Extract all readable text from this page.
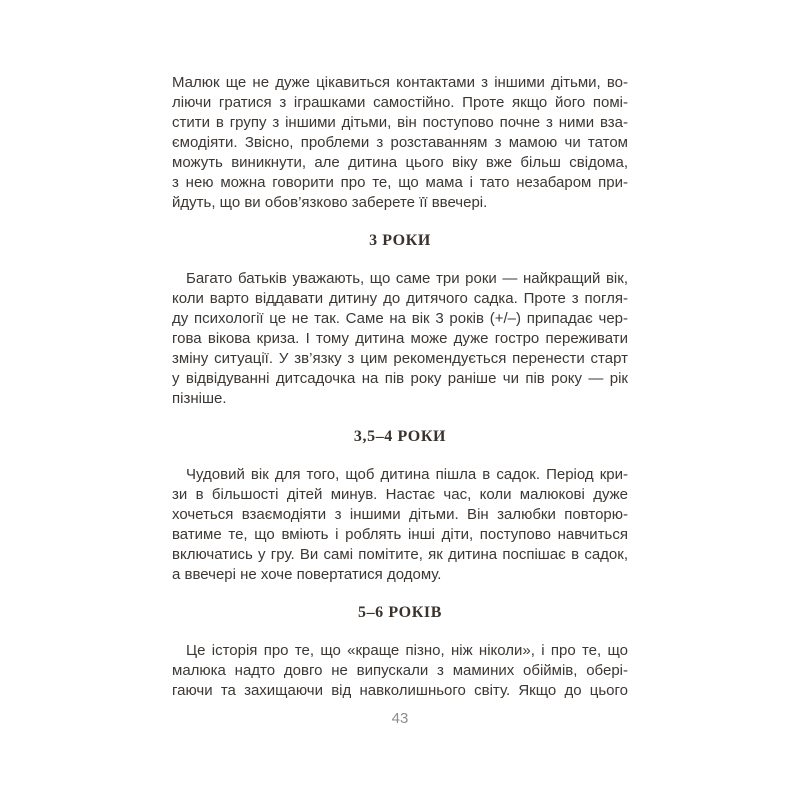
Малюк ще не дуже цікавиться контактами з іншими дітьми, во-
ліючи гратися з іграшками самостійно. Проте якщо його помі-
стити в групу з іншими дітьми, він поступово почне з ними вза-
ємодіяти. Звісно, проблеми з розставанням з мамою чи татом
можуть виникнути, але дитина цього віку вже більш свідома,
з нею можна говорити про те, що мама і тато незабаром при-
йдуть, що ви обов’язково заберете її ввечері.
3 РОКИ
Багато батьків уважають, що саме три роки — найкращий вік,
коли варто віддавати дитину до дитячого садка. Проте з погля-
ду психології це не так. Саме на вік 3 років (+/–) припадає чер-
гова вікова криза. І тому дитина може дуже гостро переживати
зміну ситуації. У зв’язку з цим рекомендується перенести старт
у відвідуванні дитсадочка на пів року раніше чи пів року — рік
пізніше.
3,5–4 РОКИ
Чудовий вік для того, щоб дитина пішла в садок. Період кри-
зи в більшості дітей минув. Настає час, коли малюкові дуже
хочеться взаємодіяти з іншими дітьми. Він залюбки повторю-
ватиме те, що вміють і роблять інші діти, поступово навчиться
включатись у гру. Ви самі помітите, як дитина поспішає в садок,
а ввечері не хоче повертатися додому.
5–6 РОКІВ
Це історія про те, що «краще пізно, ніж ніколи», і про те, що
малюка надто довго не випускали з маминих обіймів, обері-
гаючи та захищаючи від навколишнього світу. Якщо до цього
43
